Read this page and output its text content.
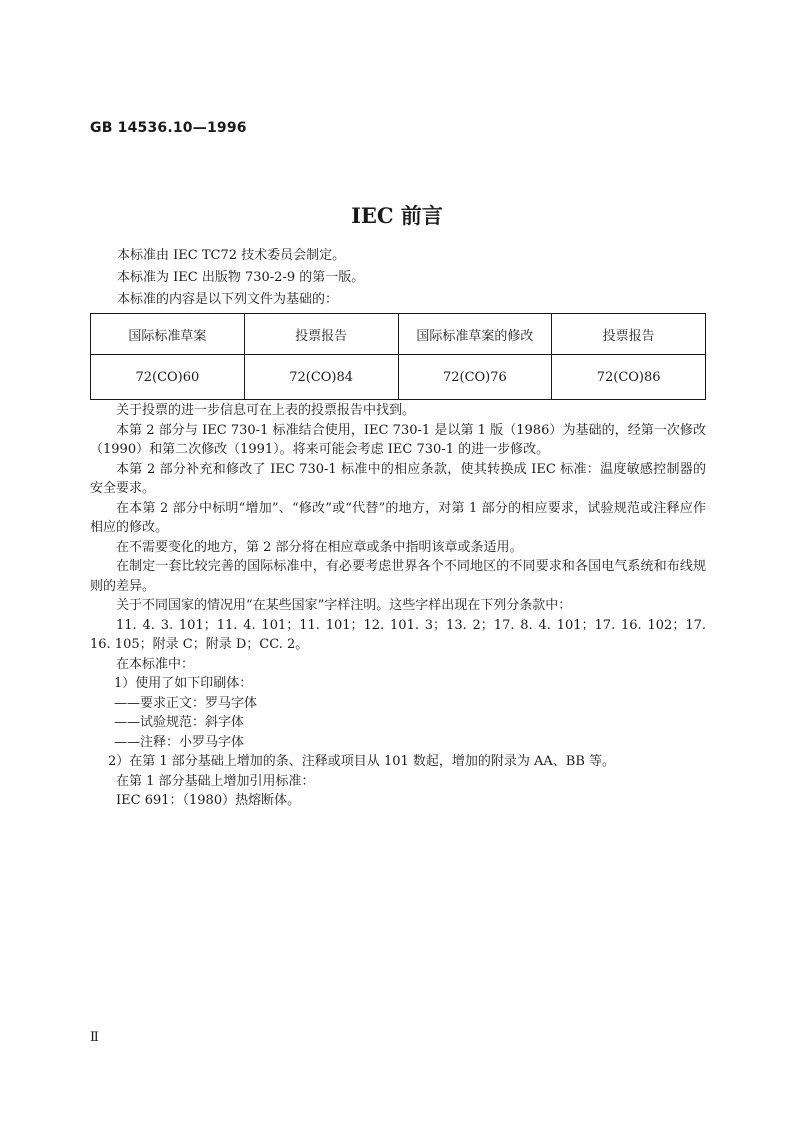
GB 14536.10—1996
IEC 前言
本标准由 IEC TC72 技术委员会制定。
本标准为 IEC 出版物 730-2-9 的第一版。
本标准的内容是以下列文件为基础的：
国际标准草案	投票报告	国际标准草案的修改	投票报告
72(CO)60	72(CO)84	72(CO)76	72(CO)86

关于投票的进一步信息可在上表的投票报告中找到。

本第 2 部分与 IEC 730-1 标准结合使用，IEC 730-1 是以第 1 版（1986）为基础的，经第一次修改（1990）和第二次修改（1991）。将来可能会考虑 IEC 730-1 的进一步修改。

本第 2 部分补充和修改了 IEC 730-1 标准中的相应条款，使其转换成 IEC 标准：温度敏感控制器的安全要求。

在本第 2 部分中标明“增加”、“修改”或“代替”的地方，对第 1 部分的相应要求，试验规范或注释应作相应的修改。

在不需要变化的地方，第 2 部分将在相应章或条中指明该章或条适用。

在制定一套比较完善的国际标准中，有必要考虑世界各个不同地区的不同要求和各国电气系统和布线规则的差异。

关于不同国家的情况用“在某些国家”字样注明。这些字样出现在下列分条款中：

11. 4. 3. 101；11. 4. 101；11. 101；12. 101. 3；13. 2；17. 8. 4. 101；17. 16. 102；17. 16. 105；附录 C；附录 D；CC. 2。

在本标准中：

1）使用了如下印刷体：

——要求正文：罗马字体

——试验规范：斜字体

——注释：小罗马字体

2）在第 1 部分基础上增加的条、注释或项目从 101 数起，增加的附录为 AA、BB 等。

在第 1 部分基础上增加引用标准：

IEC 691：（1980）热熔断体。

Ⅱ
